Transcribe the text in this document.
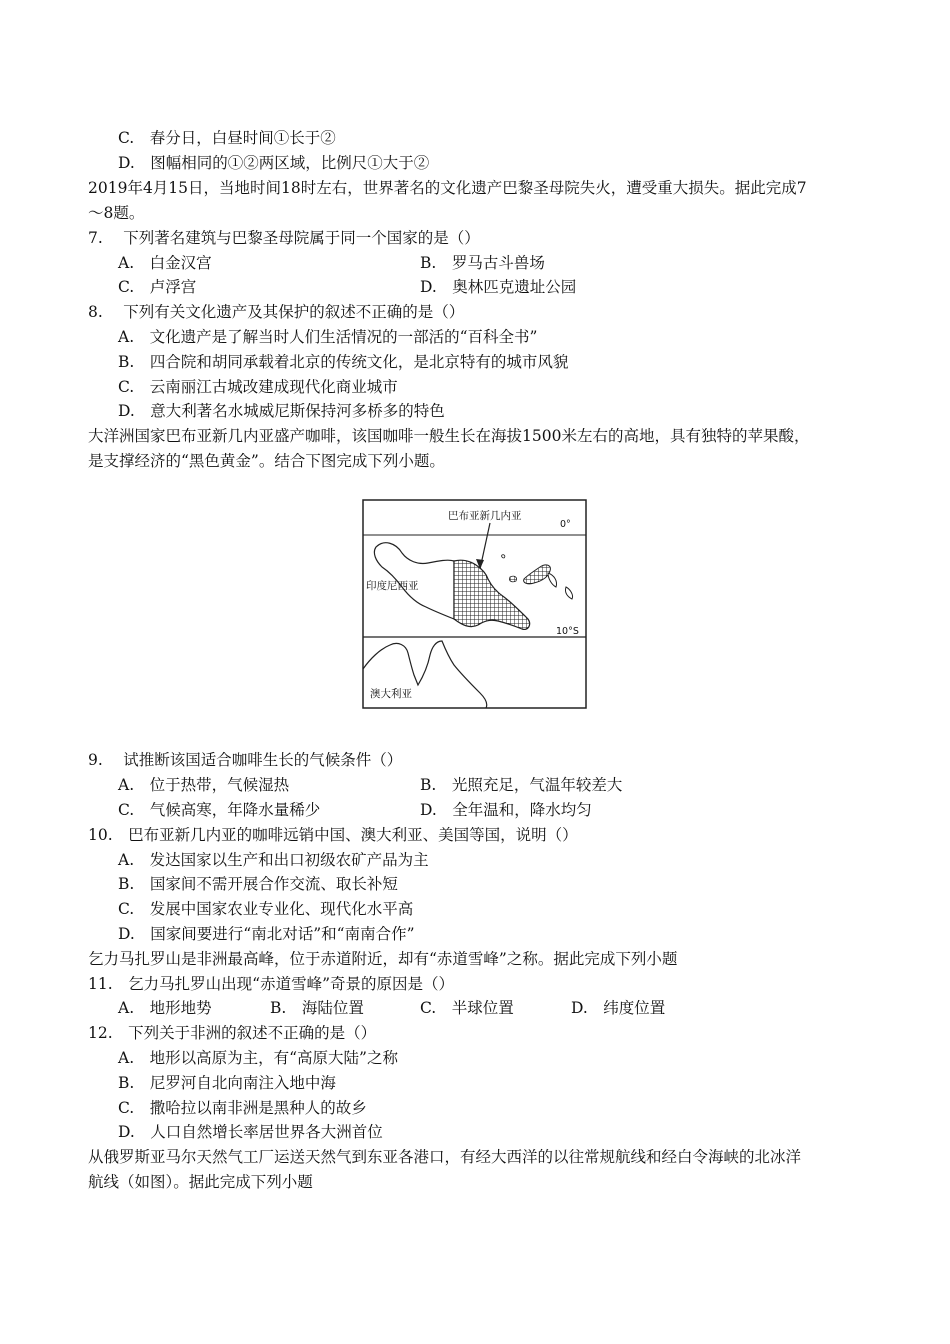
C.　春分日，白昼时间①长于②
D.　图幅相同的①②两区域，比例尺①大于②
2019年4月15日，当地时间18时左右，世界著名的文化遗产巴黎圣母院失火，遭受重大损失。据此完成7
～8题。
7.　 下列著名建筑与巴黎圣母院属于同一个国家的是（）
A.　白金汉宫	B.　罗马古斗兽场
C.　卢浮宫	D.　奥林匹克遗址公园
8.　 下列有关文化遗产及其保护的叙述不正确的是（）
A.　文化遗产是了解当时人们生活情况的一部活的“百科全书”
B.　四合院和胡同承载着北京的传统文化，是北京特有的城市风貌
C.　云南丽江古城改建成现代化商业城市
D.　意大利著名水城威尼斯保持河多桥多的特色
大洋洲国家巴布亚新几内亚盛产咖啡，该国咖啡一般生长在海拔1500米左右的高地，具有独特的苹果酸，
是支撑经济的“黑色黄金”。结合下图完成下列小题。
巴布亚新几内亚
0°
印度尼西亚
10°S
澳大利亚
9.　 试推断该国适合咖啡生长的气候条件（）
A.　位于热带，气候湿热	B.　光照充足，气温年较差大
C.　气候高寒，年降水量稀少	D.　全年温和，降水均匀
10.　巴布亚新几内亚的咖啡远销中国、澳大利亚、美国等国，说明（）
A.　发达国家以生产和出口初级农矿产品为主
B.　国家间不需开展合作交流、取长补短
C.　发展中国家农业专业化、现代化水平高
D.　国家间要进行“南北对话”和“南南合作”
乞力马扎罗山是非洲最高峰，位于赤道附近，却有“赤道雪峰”之称。据此完成下列小题
11.　乞力马扎罗山出现“赤道雪峰”奇景的原因是（）
A.　地形地势	B.　海陆位置	C.　半球位置	D.　纬度位置
12.　下列关于非洲的叙述不正确的是（）
A.　地形以高原为主，有“高原大陆”之称
B.　尼罗河自北向南注入地中海
C.　撒哈拉以南非洲是黑种人的故乡
D.　人口自然增长率居世界各大洲首位
从俄罗斯亚马尔天然气工厂运送天然气到东亚各港口，有经大西洋的以往常规航线和经白令海峡的北冰洋
航线（如图）。据此完成下列小题
